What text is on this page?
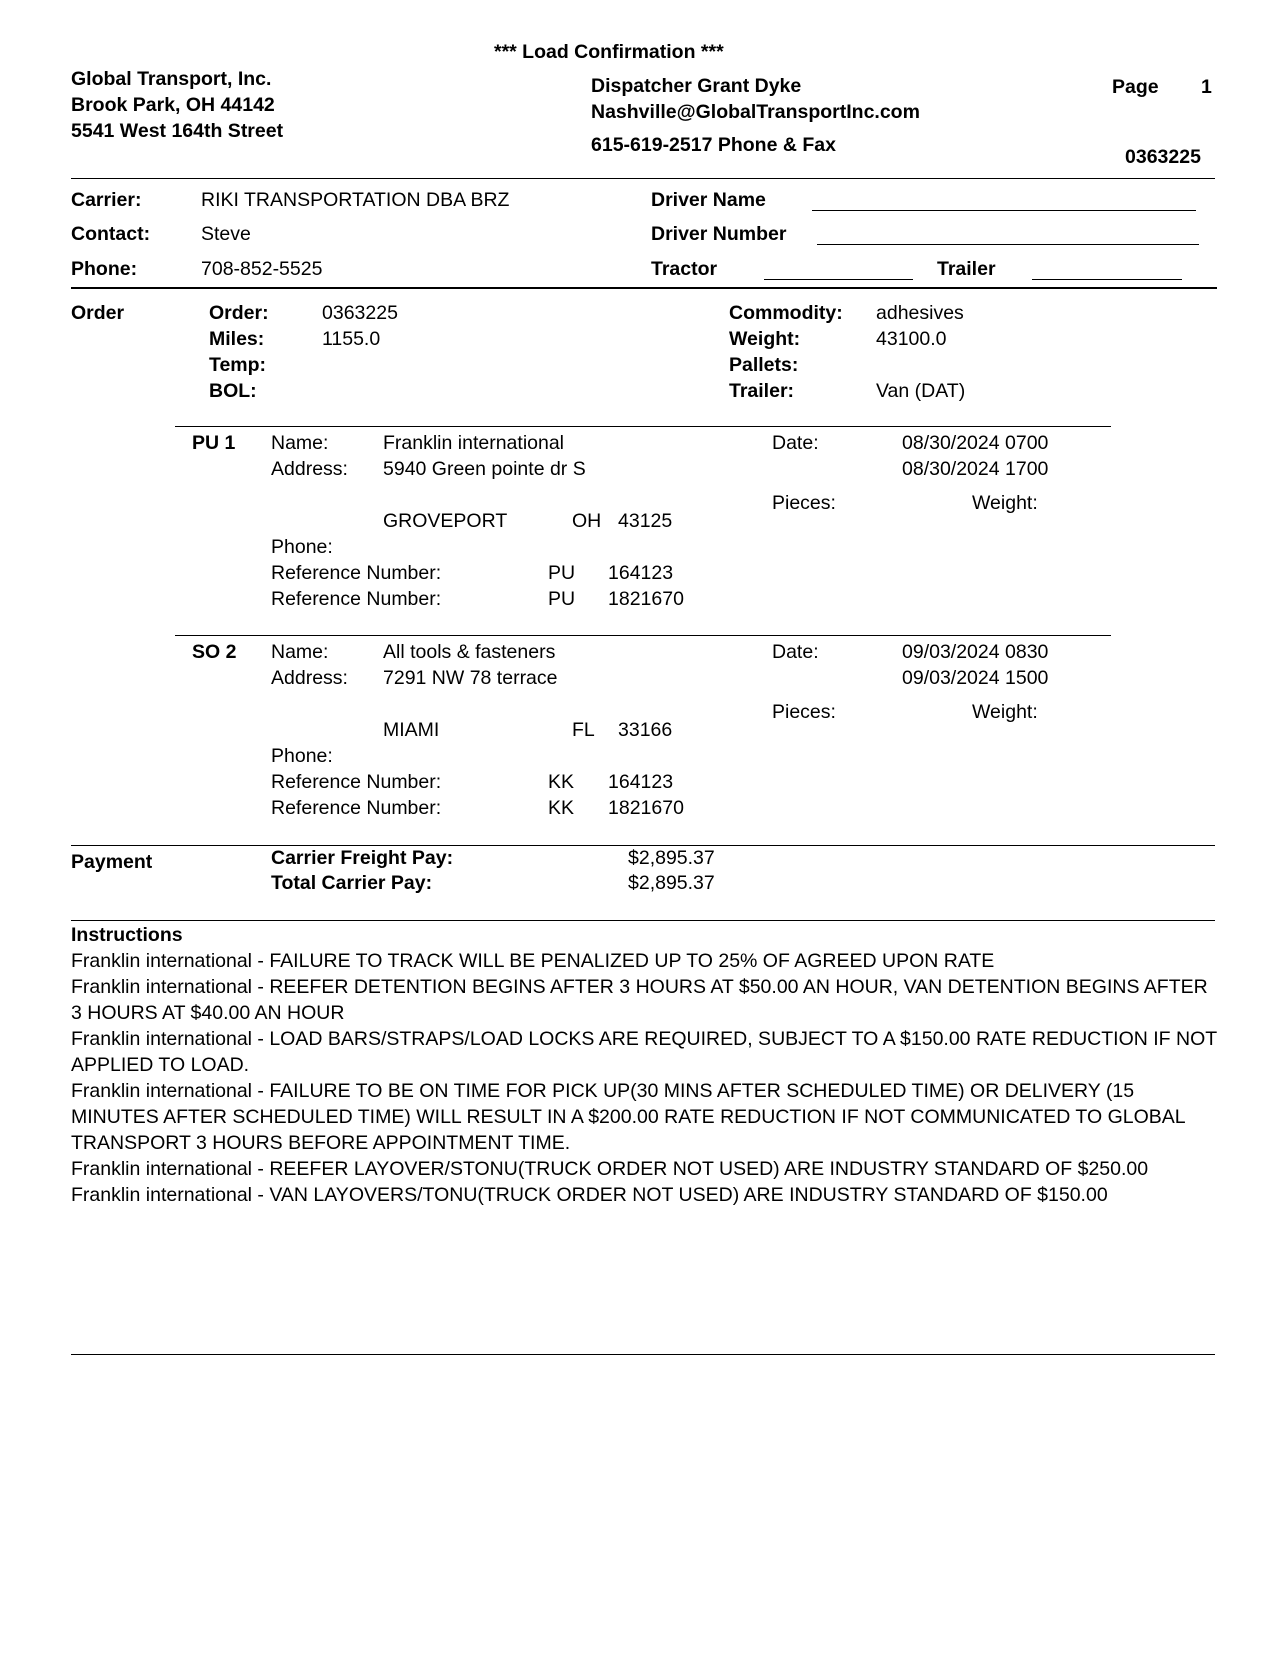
*** Load Confirmation ***
Global Transport, Inc.
Brook Park, OH 44142
5541 West 164th Street
Dispatcher Grant Dyke
Nashville@GlobalTransportInc.com
615-619-2517 Phone & Fax
Page 1
0363225
Carrier:	RIKI TRANSPORTATION DBA BRZ
Contact:	Steve
Phone:	708-852-5525
Driver Name
Driver Number
Tractor	Trailer
Order	Order:	0363225
Miles:	1155.0
Temp:
BOL:
Commodity: adhesives
Weight:	43100.0
Pallets:
Trailer:	Van (DAT)
PU 1 Name:	Franklin international
Address: 5940 Green pointe dr S
GROVEPORT	OH 43125
Phone:
Reference Number:	PU 164123
Reference Number:	PU 1821670
Date:	08/30/2024 0700
08/30/2024 1700
Pieces:	Weight:
SO 2 Name:	All tools & fasteners
Address: 7291 NW 78 terrace
MIAMI	FL 33166
Phone:
Reference Number:	KK 164123
Reference Number:	KK 1821670
Date:	09/03/2024 0830
09/03/2024 1500
Pieces:	Weight:
Payment	Carrier Freight Pay:	$2,895.37
Total Carrier Pay:	$2,895.37

Instructions

Franklin international - FAILURE TO TRACK WILL BE PENALIZED UP TO 25% OF AGREED UPON RATE

Franklin international - REEFER DETENTION BEGINS AFTER 3 HOURS AT $50.00 AN HOUR, VAN DETENTION BEGINS AFTER 3 HOURS AT $40.00 AN HOUR

Franklin international - LOAD BARS/STRAPS/LOAD LOCKS ARE REQUIRED, SUBJECT TO A $150.00 RATE REDUCTION IF NOT APPLIED TO LOAD.

Franklin international - FAILURE TO BE ON TIME FOR PICK UP(30 MINS AFTER SCHEDULED TIME) OR DELIVERY (15 MINUTES AFTER SCHEDULED TIME) WILL RESULT IN A $200.00 RATE REDUCTION IF NOT COMMUNICATED TO GLOBAL TRANSPORT 3 HOURS BEFORE APPOINTMENT TIME.

Franklin international - REEFER LAYOVER/STONU(TRUCK ORDER NOT USED) ARE INDUSTRY STANDARD OF $250.00

Franklin international - VAN LAYOVERS/TONU(TRUCK ORDER NOT USED) ARE INDUSTRY STANDARD OF $150.00
